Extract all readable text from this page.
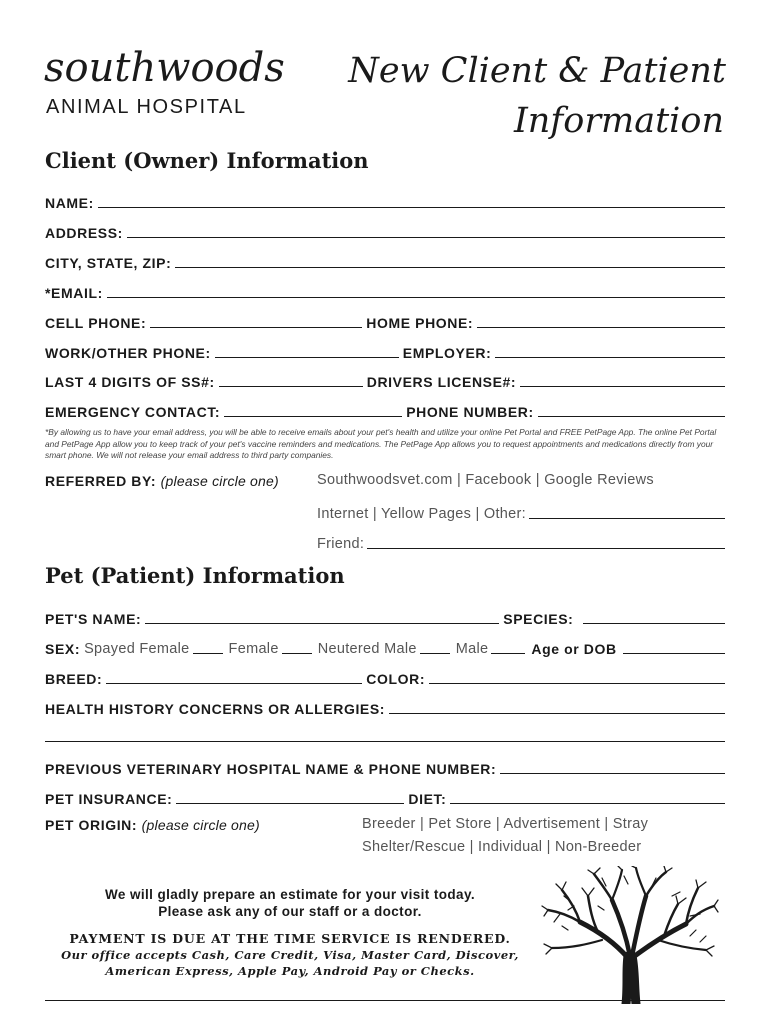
southwoods
ANIMAL HOSPITAL
New Client & Patient
Information
Client (Owner) Information
NAME:
ADDRESS:
CITY, STATE, ZIP:
*EMAIL:
CELL PHONE:	HOME PHONE:
WORK/OTHER PHONE:	EMPLOYER:
LAST 4 DIGITS OF SS#:	DRIVERS LICENSE#:
EMERGENCY CONTACT:	PHONE NUMBER:
*By allowing us to have your email address, you will be able to receive emails about your pet's health and utilize your online Pet Portal and FREE PetPage App. The online Pet Portal and PetPage App allow you to keep track of your pet's vaccine reminders and medications. The PetPage App allows you to request appointments and medications directly from your smart phone. We will not release your email address to third party companies.
REFERRED BY: (please circle one)	Southwoodsvet.com | Facebook | Google Reviews
Internet | Yellow Pages | Other:
Friend:
Pet (Patient) Information
PET'S NAME:	SPECIES:
SEX: Spayed Female	Female	Neutered Male	Male	Age or DOB
BREED:	COLOR:
HEALTH HISTORY CONCERNS OR ALLERGIES:
PREVIOUS VETERINARY HOSPITAL NAME & PHONE NUMBER:
PET INSURANCE:	DIET:
PET ORIGIN: (please circle one)	Breeder | Pet Store | Advertisement | Stray
Shelter/Rescue | Individual | Non-Breeder
We will gladly prepare an estimate for your visit today.
Please ask any of our staff or a doctor.
PAYMENT IS DUE AT THE TIME SERVICE IS RENDERED.
Our office accepts Cash, Care Credit, Visa, Master Card, Discover,
American Express, Apple Pay, Android Pay or Checks.
